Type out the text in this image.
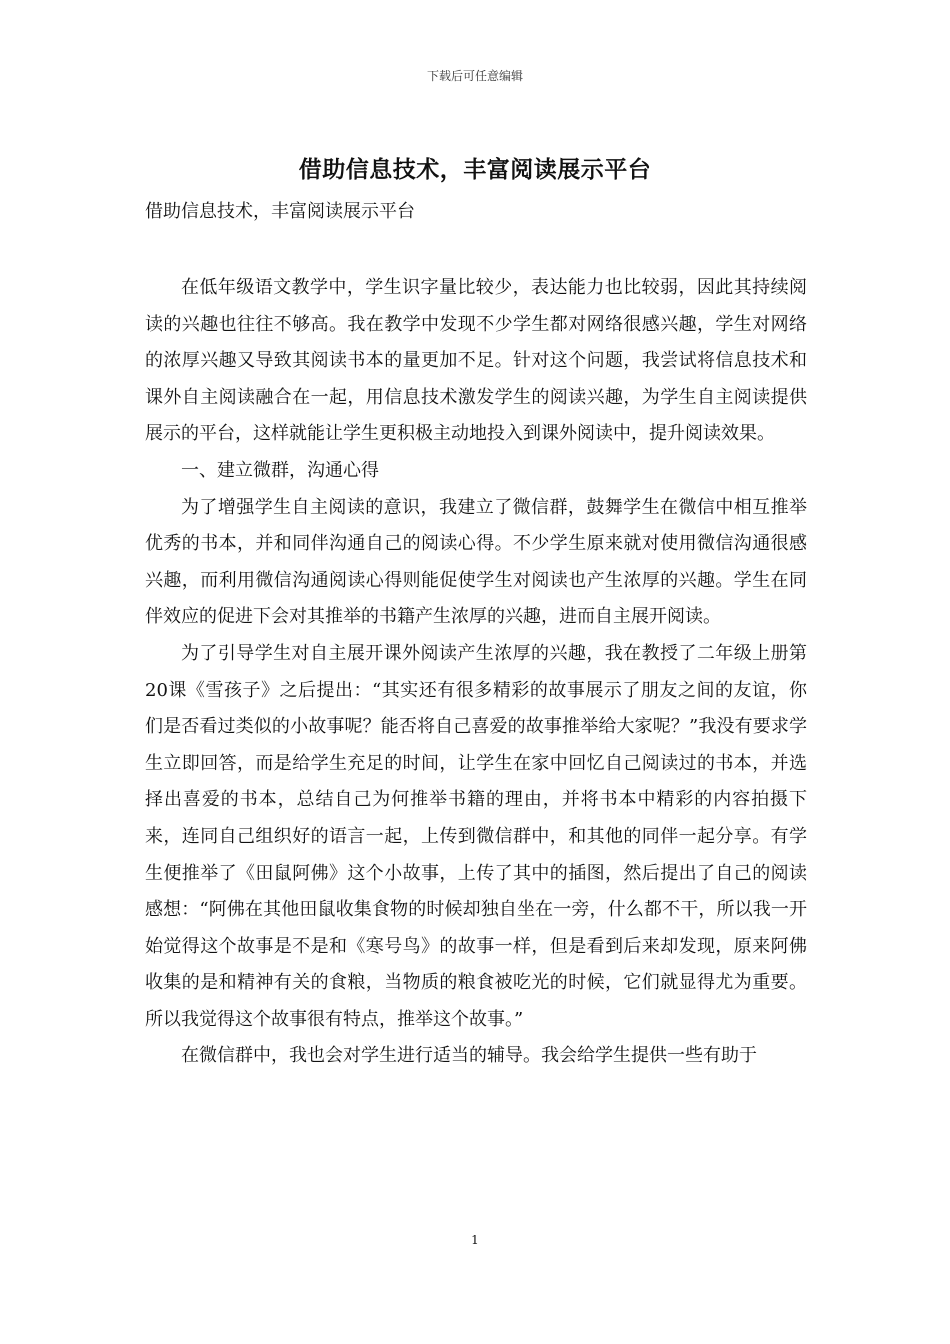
下载后可任意编辑
借助信息技术，丰富阅读展示平台
借助信息技术，丰富阅读展示平台

在低年级语文教学中，学生识字量比较少，表达能力也比较弱，因此其持续阅读的兴趣也往往不够高。我在教学中发现不少学生都对网络很感兴趣，学生对网络的浓厚兴趣又导致其阅读书本的量更加不足。针对这个问题，我尝试将信息技术和课外自主阅读融合在一起，用信息技术激发学生的阅读兴趣，为学生自主阅读提供展示的平台，这样就能让学生更积极主动地投入到课外阅读中，提升阅读效果。

一、建立微群，沟通心得

为了增强学生自主阅读的意识，我建立了微信群，鼓舞学生在微信中相互推举优秀的书本，并和同伴沟通自己的阅读心得。不少学生原来就对使用微信沟通很感兴趣，而利用微信沟通阅读心得则能促使学生对阅读也产生浓厚的兴趣。学生在同伴效应的促进下会对其推举的书籍产生浓厚的兴趣，进而自主展开阅读。

为了引导学生对自主展开课外阅读产生浓厚的兴趣，我在教授了二年级上册第20课《雪孩子》之后提出：“其实还有很多精彩的故事展示了朋友之间的友谊，你们是否看过类似的小故事呢？能否将自己喜爱的故事推举给大家呢？”我没有要求学生立即回答，而是给学生充足的时间，让学生在家中回忆自己阅读过的书本，并选择出喜爱的书本，总结自己为何推举书籍的理由，并将书本中精彩的内容拍摄下来，连同自己组织好的语言一起，上传到微信群中，和其他的同伴一起分享。有学生便推举了《田鼠阿佛》这个小故事，上传了其中的插图，然后提出了自己的阅读感想：“阿佛在其他田鼠收集食物的时候却独自坐在一旁，什么都不干，所以我一开始觉得这个故事是不是和《寒号鸟》的故事一样，但是看到后来却发现，原来阿佛收集的是和精神有关的食粮，当物质的粮食被吃光的时候，它们就显得尤为重要。所以我觉得这个故事很有特点，推举这个故事。”

在微信群中，我也会对学生进行适当的辅导。我会给学生提供一些有助于

1
